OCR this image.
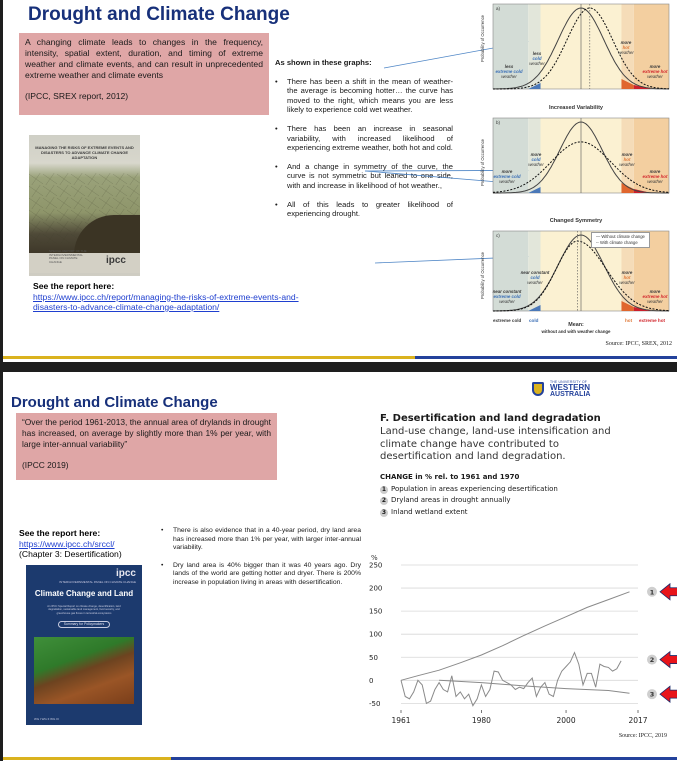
Drought and Climate Change
A changing climate leads to changes in the frequency, intensity, spatial extent, duration, and timing of extreme weather and climate events, and can result in unprecedented extreme weather and climate events
(IPCC, SREX report, 2012)
MANAGING THE RISKS OF EXTREME EVENTS AND DISASTERS TO ADVANCE CLIMATE CHANGE ADAPTATION
SPECIAL REPORT OF THE INTERGOVERNMENTAL PANEL ON CLIMATE CHANGE	ipcc
As shown in these graphs:
• There has been a shift in the mean of weather- the average is becoming hotter… the curve has moved to the right, which means you are less likely to experience cold wet weather.
• There has been an increase in seasonal variability, with increased likelihood of experiencing extreme weather, both hot and cold.
• And a change in symmetry of the curve, the curve is not symmetric but leaned to one side, with and increase in likelihood of hot weather.,
• All of this leads to greater likelihood of experiencing drought.
See the report here:
https://www.ipcc.ch/report/managing-the-risks-of-extreme-events-and-disasters-to-advance-climate-change-adaptation/
a)
Probability of Occurrence
less
extreme cold
weather
less
cold
weather
more
hot
weather
more
extreme hot
weather
Increased Variability
b)
Probability of Occurrence	more
extreme cold
weather
more
cold
weather
more
hot
weather
more
extreme hot
weather
Changed Symmetry
c)
Probability of Occurrence
— Without climate change
-- With climate change
near constant
extreme cold
weather
near constant
cold
weather
more
hot
weather
more
extreme hot
weather
extreme cold cold	hot extreme hot
Mean:
without and with weather change
Source: IPCC, SREX, 2012
THE UNIVERSITY OF
WESTERN
AUSTRALIA
Drought and Climate Change
“Over the period 1961-2013, the annual area of drylands in drought has increased, on average by slightly more than 1% per year, with large inter-annual variability”
(IPCC 2019)
See the report here:
https://www.ipcc.ch/srccl/
(Chapter 3: Desertification)
ipcc
INTERGOVERNMENTAL PANEL ON CLIMATE CHANGE
Climate Change and Land
An IPCC Special Report on climate change, desertification, land degradation, sustainable land management, food security, and greenhouse gas fluxes in terrestrial ecosystems
Summary for Policymakers
WG I WG II WG III
• There is also evidence that in a 40-year period, dry land area has increased more than 1% per year, with larger inter-annual variability.
• Dry land area is 40% bigger than it was 40 years ago. Dry lands of the world are getting hotter and dryer. There is 200% increase in population living in areas with desertification.
F. Desertification and land degradation
Land-use change, land-use intensification and climate change have contributed to desertification and land degradation.
CHANGE in % rel. to 1961 and 1970
1 Population in areas experiencing desertification
2 Dryland areas in drought annually
3 Inland wetland extent
%
250
200
150
100
50
0
-50
1961	1980	2000	2017
1
2
3
Source: IPCC, 2019
